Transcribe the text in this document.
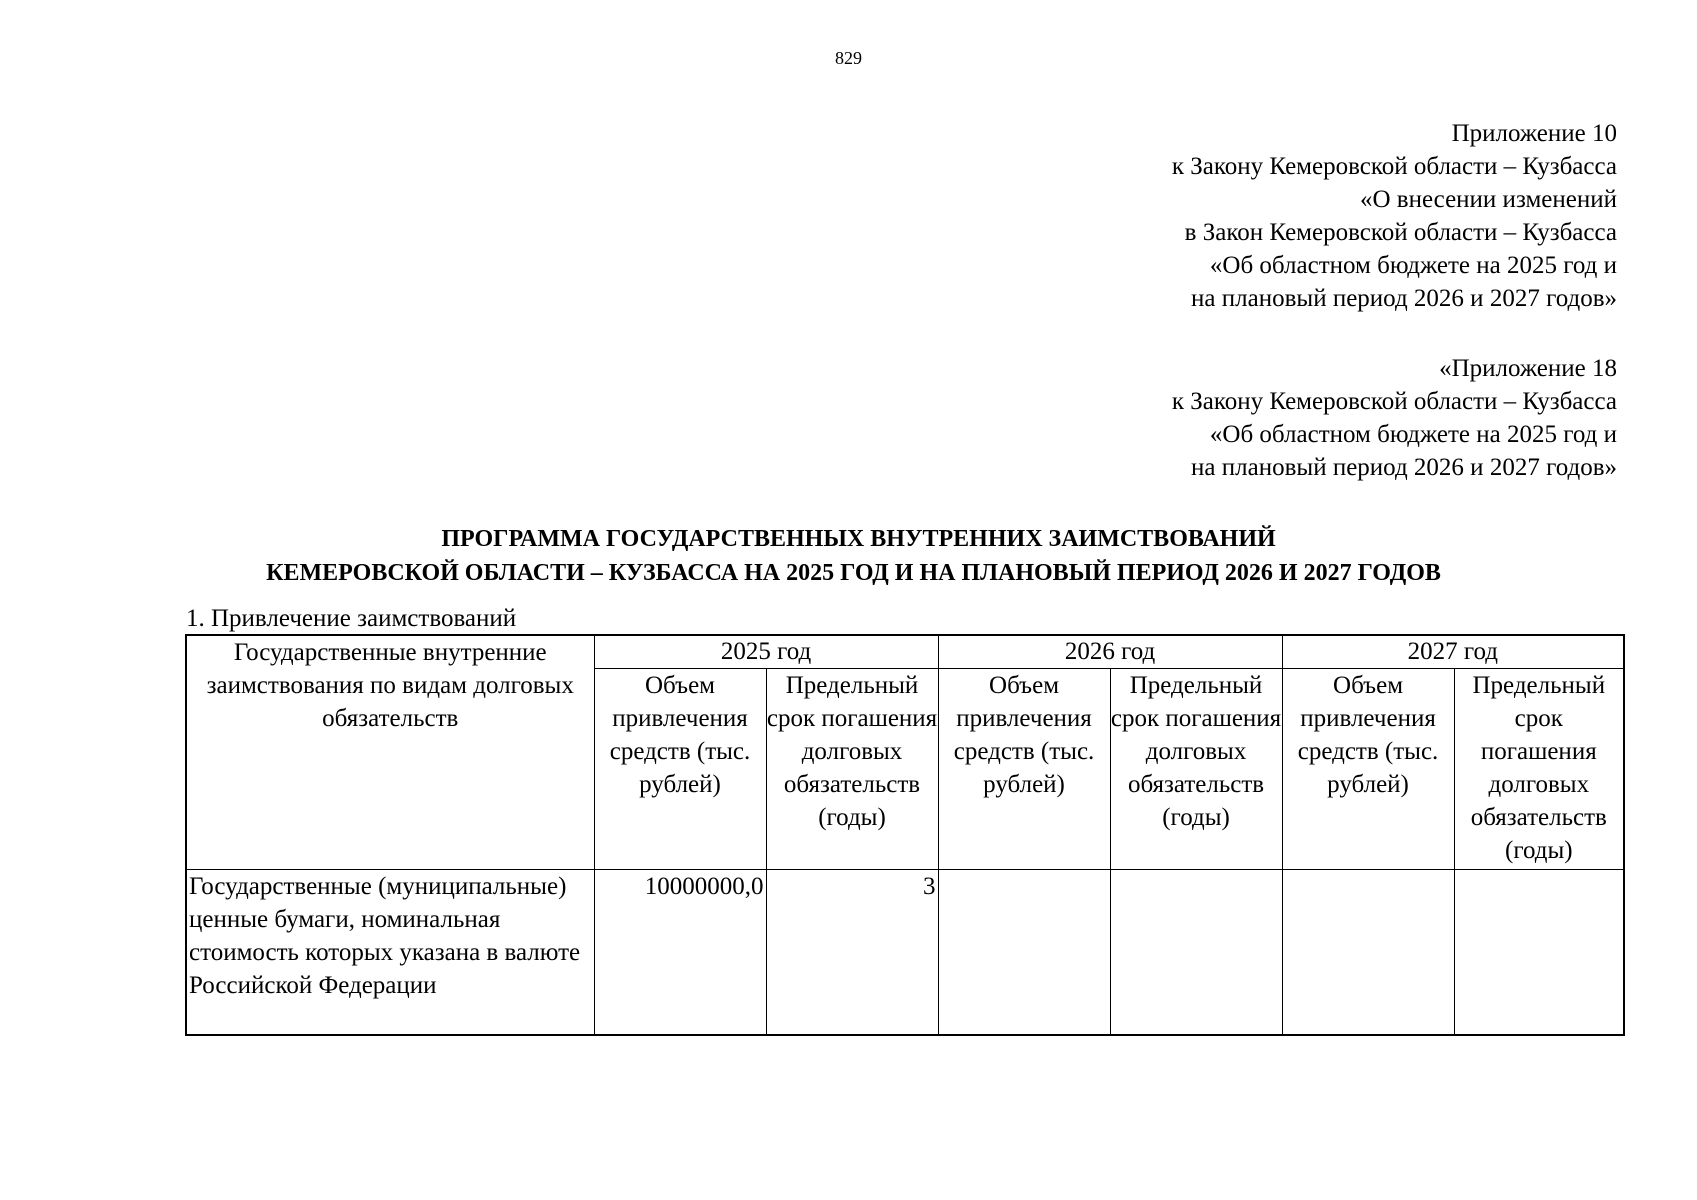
829
Приложение 10
к Закону Кемеровской области – Кузбасса
«О внесении изменений
в Закон Кемеровской области – Кузбасса
«Об областном бюджете на 2025 год и
на плановый период 2026 и 2027 годов»
«Приложение 18
к Закону Кемеровской области – Кузбасса
«Об областном бюджете на 2025 год и
на плановый период 2026 и 2027 годов»
ПРОГРАММА ГОСУДАРСТВЕННЫХ ВНУТРЕННИХ ЗАИМСТВОВАНИЙ
КЕМЕРОВСКОЙ ОБЛАСТИ – КУЗБАССА НА 2025 ГОД И НА ПЛАНОВЫЙ ПЕРИОД 2026 И 2027 ГОДОВ
1. Привлечение заимствований
Государственные внутренние заимствования по видам долговых обязательств	2025 год		2026 год		2027 год	
	Объем привлечения средств (тыс. рублей)	Предельный срок погашения долговых обязательств (годы)	Объем привлечения средств (тыс. рублей)	Предельный срок погашения долговых обязательств (годы)	Объем привлечения средств (тыс. рублей)	Предельный срок погашения долговых обязательств (годы)
Государственные (муниципальные) ценные бумаги, номинальная стоимость которых указана в валюте Российской Федерации	10000000,0	3				
